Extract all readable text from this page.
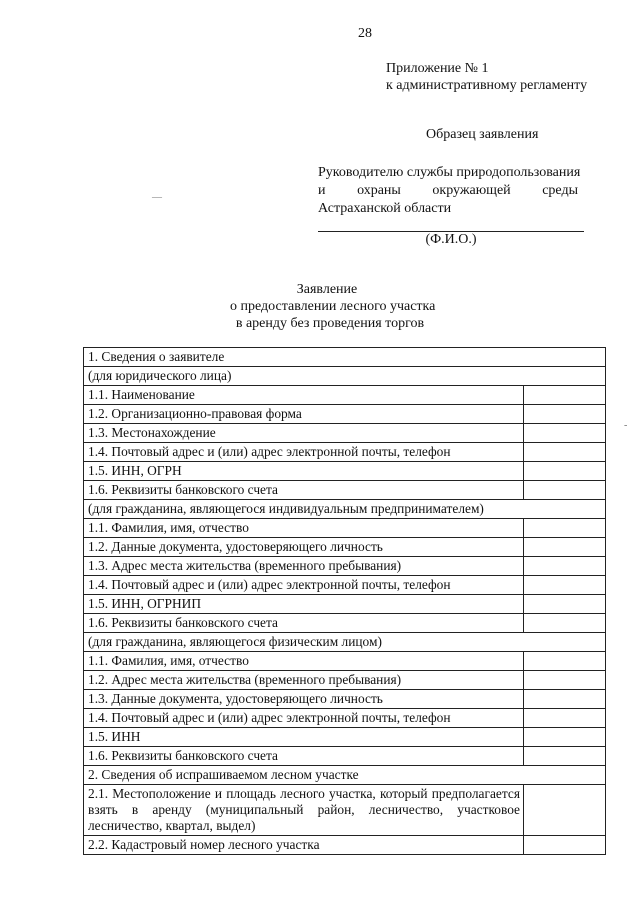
28
Приложение № 1
к административному регламенту
Образец заявления
Руководителю службы природопользования
и охраны окружающей среды
Астраханской области
(Ф.И.О.)
Заявление
о предоставлении лесного участка
в аренду без проведения торгов
1. Сведения о заявителе	
(для юридического лица)	
1.1. Наименование	
1.2. Организационно-правовая форма	
1.3. Местонахождение	
1.4. Почтовый адрес и (или) адрес электронной почты, телефон	
1.5. ИНН, ОГРН	
1.6. Реквизиты банковского счета	
(для гражданина, являющегося индивидуальным предпринимателем)	
1.1. Фамилия, имя, отчество	
1.2. Данные документа, удостоверяющего личность	
1.3. Адрес места жительства (временного пребывания)	
1.4. Почтовый адрес и (или) адрес электронной почты, телефон	
1.5. ИНН, ОГРНИП	
1.6. Реквизиты банковского счета	
(для гражданина, являющегося физическим лицом)	
1.1. Фамилия, имя, отчество	
1.2. Адрес места жительства (временного пребывания)	
1.3. Данные документа, удостоверяющего личность	
1.4. Почтовый адрес и (или) адрес электронной почты, телефон	
1.5. ИНН	
1.6. Реквизиты банковского счета	
2. Сведения об испрашиваемом лесном участке	
2.1. Местоположение и площадь лесного участка, который предполагается взять в аренду (муниципальный район, лесничество, участковое лесничество, квартал, выдел)	
2.2. Кадастровый номер лесного участка	
—
-
